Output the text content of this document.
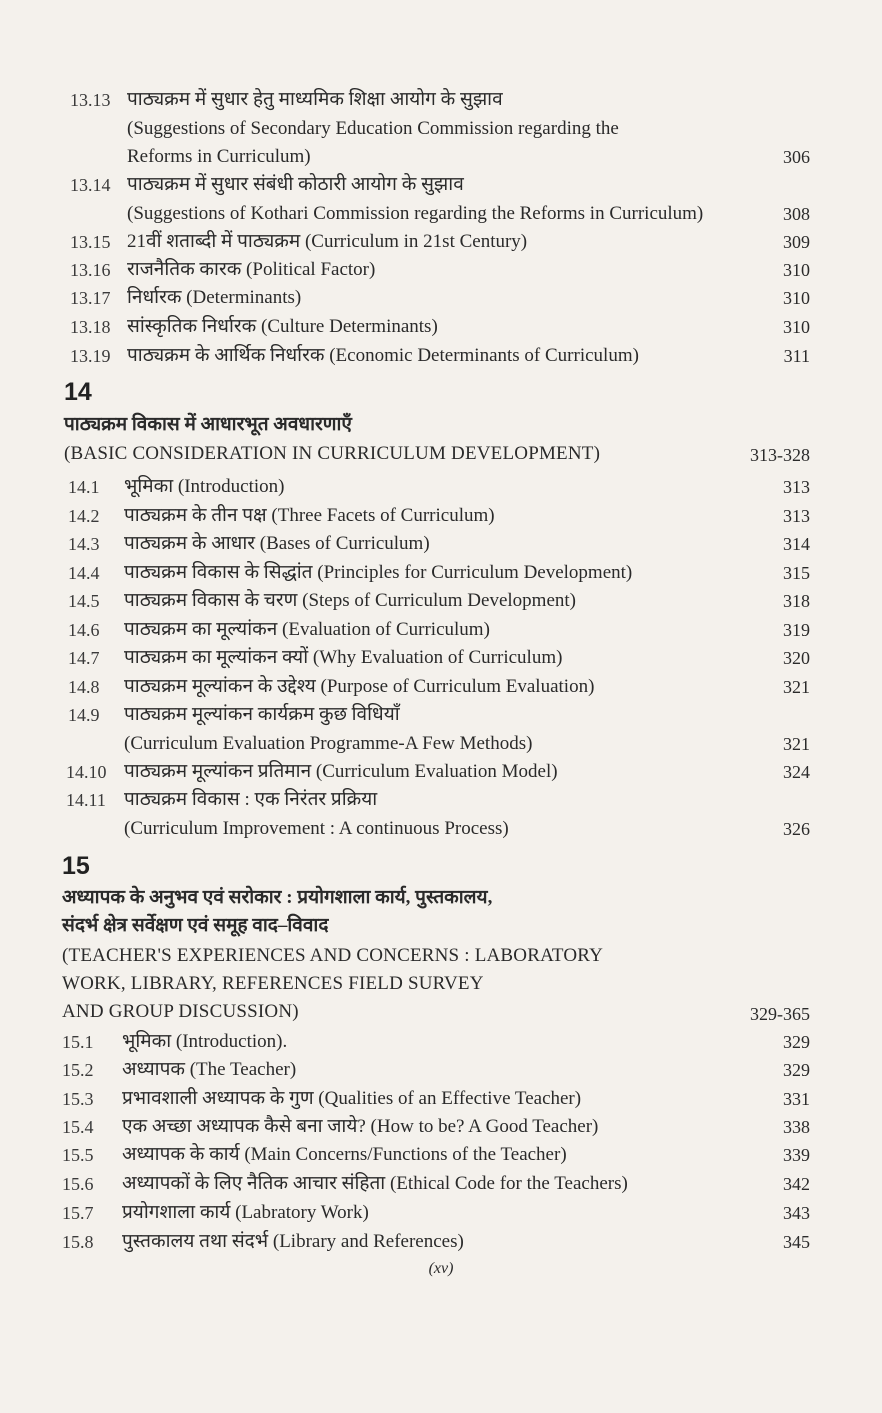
13.13 पाठ्यक्रम में सुधार हेतु माध्यमिक शिक्षा आयोग के सुझाव
(Suggestions of Secondary Education Commission regarding the
Reforms in Curriculum)	306
13.14 पाठ्यक्रम में सुधार संबंधी कोठारी आयोग के सुझाव
(Suggestions of Kothari Commission regarding the Reforms in Curriculum)	308
13.15 21वीं शताब्दी में पाठ्यक्रम (Curriculum in 21st Century)	309
13.16 राजनैतिक कारक (Political Factor)	310
13.17 निर्धारक (Determinants)	310
13.18 सांस्कृतिक निर्धारक (Culture Determinants)	310
13.19 पाठ्यक्रम के आर्थिक निर्धारक (Economic Determinants of Curriculum)	311
14
पाठ्यक्रम विकास में आधारभूत अवधारणाएँ
(BASIC CONSIDERATION IN CURRICULUM DEVELOPMENT)	313-328
14.1 भूमिका (Introduction)	313
14.2 पाठ्यक्रम के तीन पक्ष (Three Facets of Curriculum)	313
14.3 पाठ्यक्रम के आधार (Bases of Curriculum)	314
14.4 पाठ्यक्रम विकास के सिद्धांत (Principles for Curriculum Development)	315
14.5 पाठ्यक्रम विकास के चरण (Steps of Curriculum Development)	318
14.6 पाठ्यक्रम का मूल्यांकन (Evaluation of Curriculum)	319
14.7 पाठ्यक्रम का मूल्यांकन क्यों (Why Evaluation of Curriculum)	320
14.8 पाठ्यक्रम मूल्यांकन के उद्देश्य (Purpose of Curriculum Evaluation)	321
14.9 पाठ्यक्रम मूल्यांकन कार्यक्रम कुछ विधियाँ
(Curriculum Evaluation Programme-A Few Methods)	321
14.10 पाठ्यक्रम मूल्यांकन प्रतिमान (Curriculum Evaluation Model)	324
14.11 पाठ्यक्रम विकास : एक निरंतर प्रक्रिया
(Curriculum Improvement : A continuous Process)	326
15
अध्यापक के अनुभव एवं सरोकार : प्रयोगशाला कार्य, पुस्तकालय,
संदर्भ क्षेत्र सर्वेक्षण एवं समूह वाद–विवाद
(TEACHER'S EXPERIENCES AND CONCERNS : LABORATORY
WORK, LIBRARY, REFERENCES FIELD SURVEY
AND GROUP DISCUSSION)	329-365
15.1 भूमिका (Introduction).	329
15.2 अध्यापक (The Teacher)	329
15.3 प्रभावशाली अध्यापक के गुण (Qualities of an Effective Teacher)	331
15.4 एक अच्छा अध्यापक कैसे बना जाये? (How to be? A Good Teacher)	338
15.5 अध्यापक के कार्य (Main Concerns/Functions of the Teacher)	339
15.6 अध्यापकों के लिए नैतिक आचार संहिता (Ethical Code for the Teachers)	342
15.7 प्रयोगशाला कार्य (Labratory Work)	343
15.8 पुस्तकालय तथा संदर्भ (Library and References)	345
(xv)
